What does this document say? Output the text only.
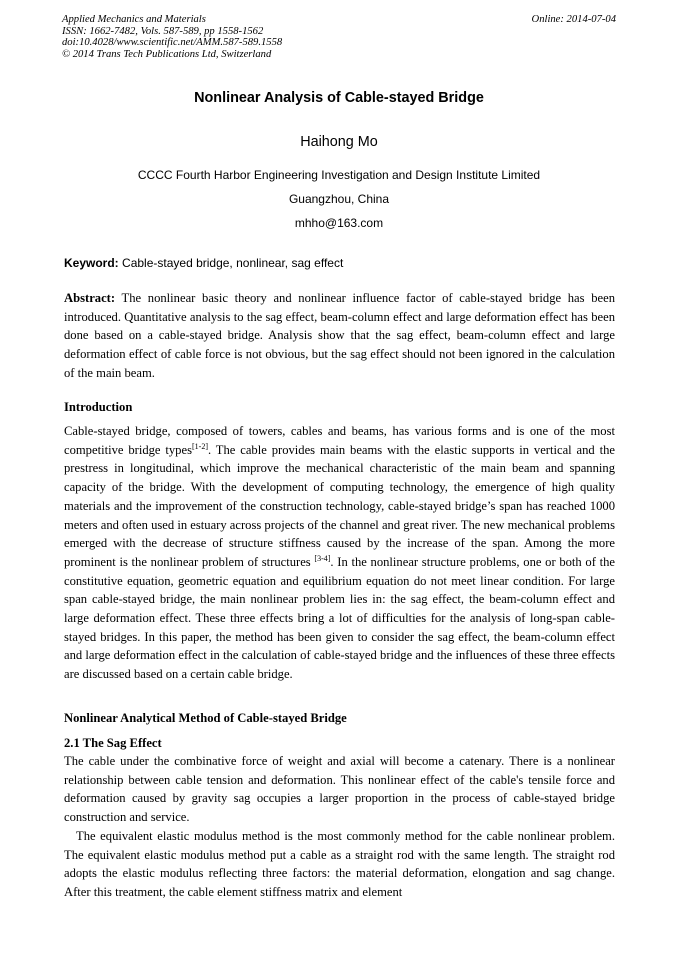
Applied Mechanics and Materials
ISSN: 1662-7482, Vols. 587-589, pp 1558-1562
doi:10.4028/www.scientific.net/AMM.587-589.1558
© 2014 Trans Tech Publications Ltd, Switzerland
Online: 2014-07-04
Nonlinear Analysis of Cable-stayed Bridge
Haihong Mo
CCCC Fourth Harbor Engineering Investigation and Design Institute Limited
Guangzhou, China
mhho@163.com
Keyword: Cable-stayed bridge, nonlinear, sag effect

Abstract: The nonlinear basic theory and nonlinear influence factor of cable-stayed bridge has been introduced. Quantitative analysis to the sag effect, beam-column effect and large deformation effect has been done based on a cable-stayed bridge. Analysis show that the sag effect, beam-column effect and large deformation effect of cable force is not obvious, but the sag effect should not been ignored in the calculation of the main beam.

Introduction

Cable-stayed bridge, composed of towers, cables and beams, has various forms and is one of the most competitive bridge types[1-2]. The cable provides main beams with the elastic supports in vertical and the prestress in longitudinal, which improve the mechanical characteristic of the main beam and spanning capacity of the bridge. With the development of computing technology, the emergence of high quality materials and the improvement of the construction technology, cable-stayed bridge’s span has reached 1000 meters and often used in estuary across projects of the channel and great river. The new mechanical problems emerged with the decrease of structure stiffness caused by the increase of the span. Among the more prominent is the nonlinear problem of structures [3-4]. In the nonlinear structure problems, one or both of the constitutive equation, geometric equation and equilibrium equation do not meet linear condition. For large span cable-stayed bridge, the main nonlinear problem lies in: the sag effect, the beam-column effect and large deformation effect. These three effects bring a lot of difficulties for the analysis of long-span cable-stayed bridges. In this paper, the method has been given to consider the sag effect, the beam-column effect and large deformation effect in the calculation of cable-stayed bridge and the influences of these three effects are discussed based on a certain cable bridge.

Nonlinear Analytical Method of Cable-stayed Bridge
2.1 The Sag Effect

The cable under the combinative force of weight and axial will become a catenary. There is a nonlinear relationship between cable tension and deformation. This nonlinear effect of the cable's tensile force and deformation caused by gravity sag occupies a larger proportion in the process of cable-stayed bridge construction and service.

The equivalent elastic modulus method is the most commonly method for the cable nonlinear problem. The equivalent elastic modulus method put a cable as a straight rod with the same length. The straight rod adopts the elastic modulus reflecting three factors: the material deformation, elongation and sag change. After this treatment, the cable element stiffness matrix and element
